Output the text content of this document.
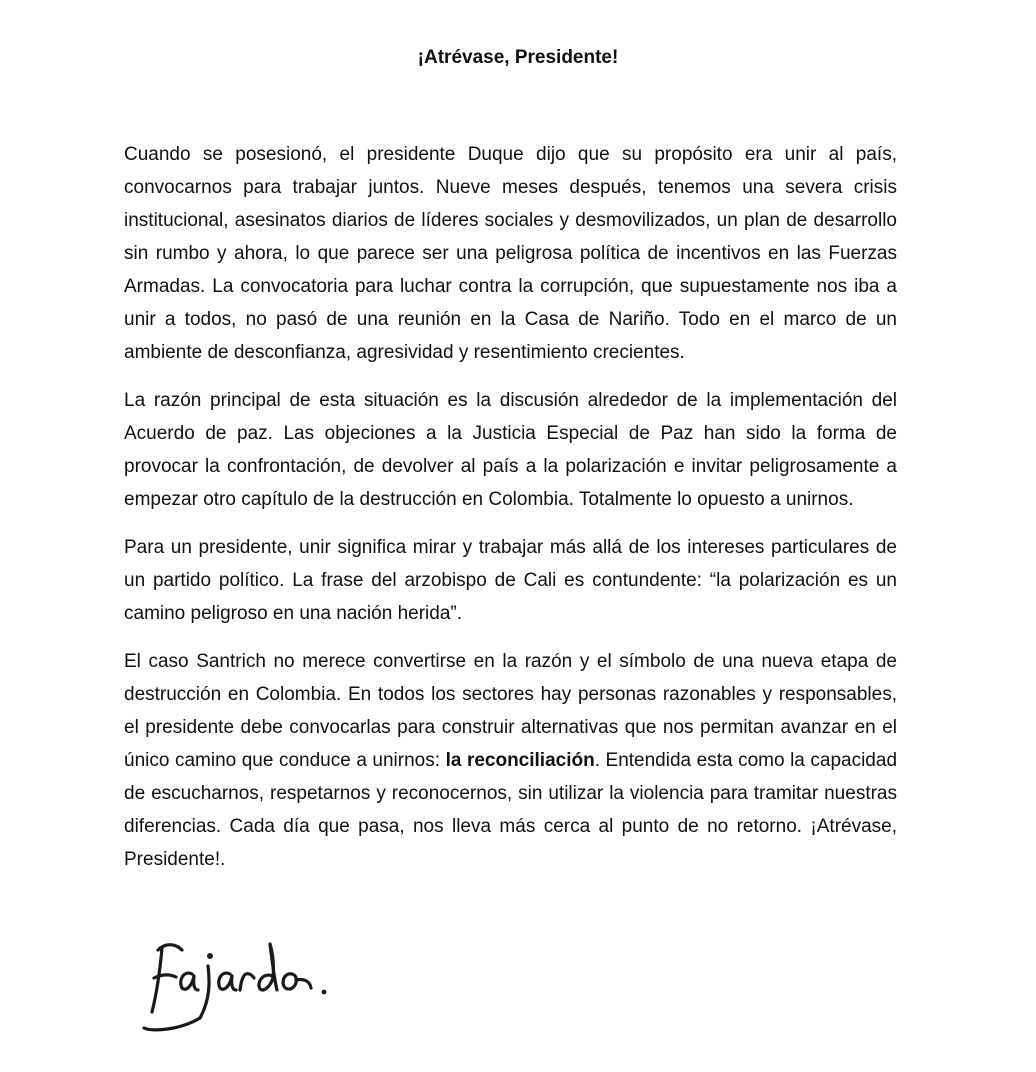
¡Atrévase, Presidente!

Cuando se posesionó, el presidente Duque dijo que su propósito era unir al país, convocarnos para trabajar juntos. Nueve meses después, tenemos una severa crisis institucional, asesinatos diarios de líderes sociales y desmovilizados, un plan de desarrollo sin rumbo y ahora, lo que parece ser una peligrosa política de incentivos en las Fuerzas Armadas. La convocatoria para luchar contra la corrupción, que supuestamente nos iba a unir a todos, no pasó de una reunión en la Casa de Nariño. Todo en el marco de un ambiente de desconfianza, agresividad y resentimiento crecientes.

La razón principal de esta situación es la discusión alrededor de la implementación del Acuerdo de paz. Las objeciones a la Justicia Especial de Paz han sido la forma de provocar la confrontación, de devolver al país a la polarización e invitar peligrosamente a empezar otro capítulo de la destrucción en Colombia. Totalmente lo opuesto a unirnos.

Para un presidente, unir significa mirar y trabajar más allá de los intereses particulares de un partido político. La frase del arzobispo de Cali es contundente: “la polarización es un camino peligroso en una nación herida”.

El caso Santrich no merece convertirse en la razón y el símbolo de una nueva etapa de destrucción en Colombia. En todos los sectores hay personas razonables y responsables, el presidente debe convocarlas para construir alternativas que nos permitan avanzar en el único camino que conduce a unirnos: la reconciliación. Entendida esta como la capacidad de escucharnos, respetarnos y reconocernos, sin utilizar la violencia para tramitar nuestras diferencias. Cada día que pasa, nos lleva más cerca al punto de no retorno. ¡Atrévase, Presidente!.
